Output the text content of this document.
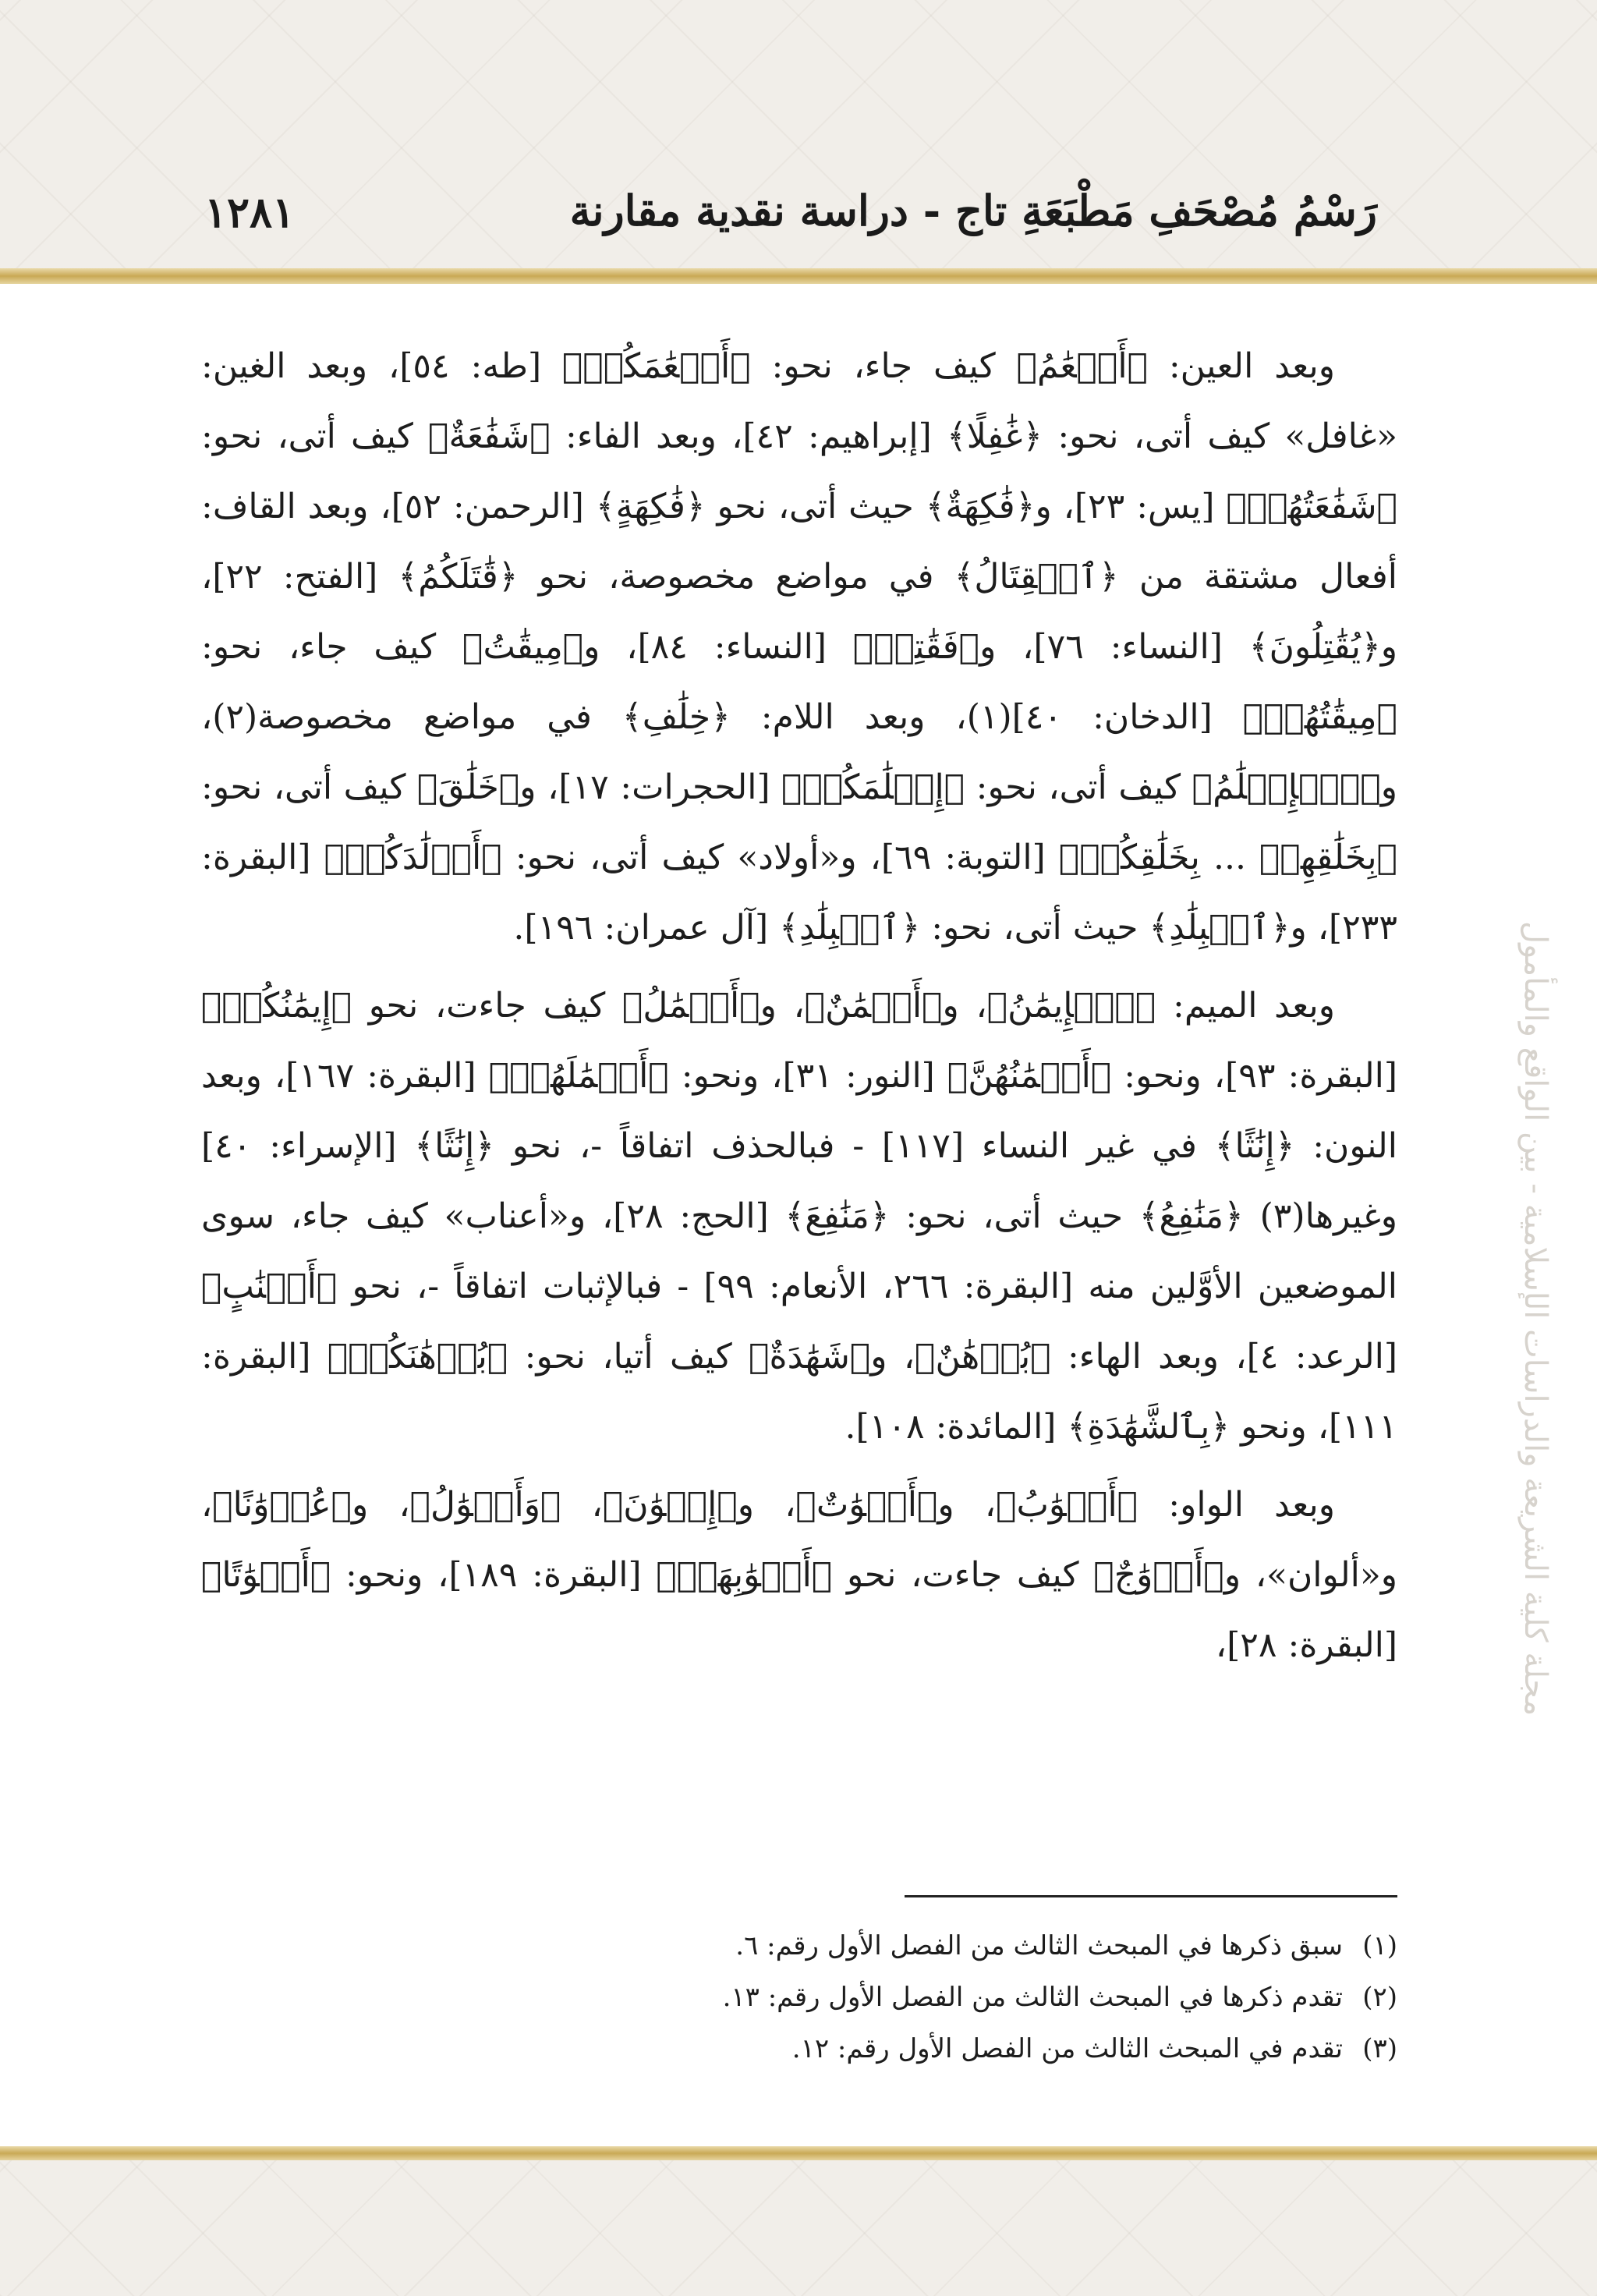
رَسْمُ مُصْحَفِ مَطْبَعَةِ تاج - دراسة نقدية مقارنة
١٢٨١
مجلة كلية الشريعة والدراسات الإسلامية - بين الواقع والمأمول

وبعد العين: ﴿أَنۡعَٰمُ﴾ كيف جاء، نحو: ﴿أَنۡعَٰمَكُمۡ﴾ [طه: ٥٤]، وبعد الغين: «غافل» كيف أتى، نحو: ﴿غَٰفِلًا﴾ [إبراهيم: ٤٢]، وبعد الفاء: ﴿شَفَٰعَةٌ﴾ كيف أتى، نحو: ﴿شَفَٰعَتُهُمۡ﴾ [يس: ٢٣]، و﴿فَٰكِهَةٌ﴾ حيث أتى، نحو ﴿فَٰكِهَةٍ﴾ [الرحمن: ٥٢]، وبعد القاف: أفعال مشتقة من ﴿ٱلۡقِتَالُ﴾ في مواضع مخصوصة، نحو ﴿قَٰتَلَكُمُ﴾ [الفتح: ٢٢]، و﴿يُقَٰتِلُونَ﴾ [النساء: ٧٦]، و﴿فَقَٰتِلۡ﴾ [النساء: ٨٤]، و﴿مِيقَٰتُ﴾ كيف جاء، نحو: ﴿مِيقَٰتُهُمۡ﴾ [الدخان: ٤٠](١)، وبعد اللام: ﴿خِلَٰفِ﴾ في مواضع مخصوصة(٢)، و﴿ٱلۡإِسۡلَٰمُ﴾ كيف أتى، نحو: ﴿إِسۡلَٰمَكُمۖ﴾ [الحجرات: ١٧]، و﴿خَلَٰقَ﴾ كيف أتى، نحو: ﴿بِخَلَٰقِهِمۡ ... بِخَلَٰقِكُمۡ﴾ [التوبة: ٦٩]، و«أولاد» كيف أتى، نحو: ﴿أَوۡلَٰدَكُمۡ﴾ [البقرة: ٢٣٣]، و﴿ٱلۡبِلَٰدِ﴾ حيث أتى، نحو: ﴿ٱلۡبِلَٰدِ﴾ [آل عمران: ١٩٦].

وبعد الميم: ﴿ٱلۡإِيمَٰنُ﴾، و﴿أَيۡمَٰنٌ﴾، و﴿أَعۡمَٰلُ﴾ كيف جاءت، نحو ﴿إِيمَٰنُكُمۡ﴾ [البقرة: ٩٣]، ونحو: ﴿أَيۡمَٰنُهُنَّ﴾ [النور: ٣١]، ونحو: ﴿أَعۡمَٰلَهُمۡ﴾ [البقرة: ١٦٧]، وبعد النون: ﴿إِنَٰثًا﴾ في غير النساء [١١٧] - فبالحذف اتفاقاً -، نحو ﴿إِنَٰثًا﴾ [الإسراء: ٤٠] وغيرها(٣) ﴿مَنَٰفِعُ﴾ حيث أتى، نحو: ﴿مَنَٰفِعَ﴾ [الحج: ٢٨]، و«أعناب» كيف جاء، سوى الموضعين الأوَّلين منه [البقرة: ٢٦٦، الأنعام: ٩٩] - فبالإثبات اتفاقاً -، نحو ﴿أَعۡنَٰبٍ﴾ [الرعد: ٤]، وبعد الهاء: ﴿بُرۡهَٰنٌ﴾، و﴿شَهَٰدَةٌ﴾ كيف أتيا، نحو: ﴿بُرۡهَٰنَكُمۡ﴾ [البقرة: ١١١]، ونحو ﴿بِٱلشَّهَٰدَةِ﴾ [المائدة: ١٠٨].

وبعد الواو: ﴿أَبۡوَٰبُ﴾، و﴿أَمۡوَٰتٌ﴾، و﴿إِخۡوَٰنَ﴾، ﴿وَأَمۡوَٰلُ﴾، و﴿عُدۡوَٰنًا﴾، و«ألوان»، و﴿أَزۡوَٰجٌ﴾ كيف جاءت، نحو ﴿أَبۡوَٰبِهَاۚ﴾ [البقرة: ١٨٩]، ونحو: ﴿أَمۡوَٰتًا﴾ [البقرة: ٢٨]،

(١)سبق ذكرها في المبحث الثالث من الفصل الأول رقم: ٦.
(٢)تقدم ذكرها في المبحث الثالث من الفصل الأول رقم: ١٣.
(٣)تقدم في المبحث الثالث من الفصل الأول رقم: ١٢.
